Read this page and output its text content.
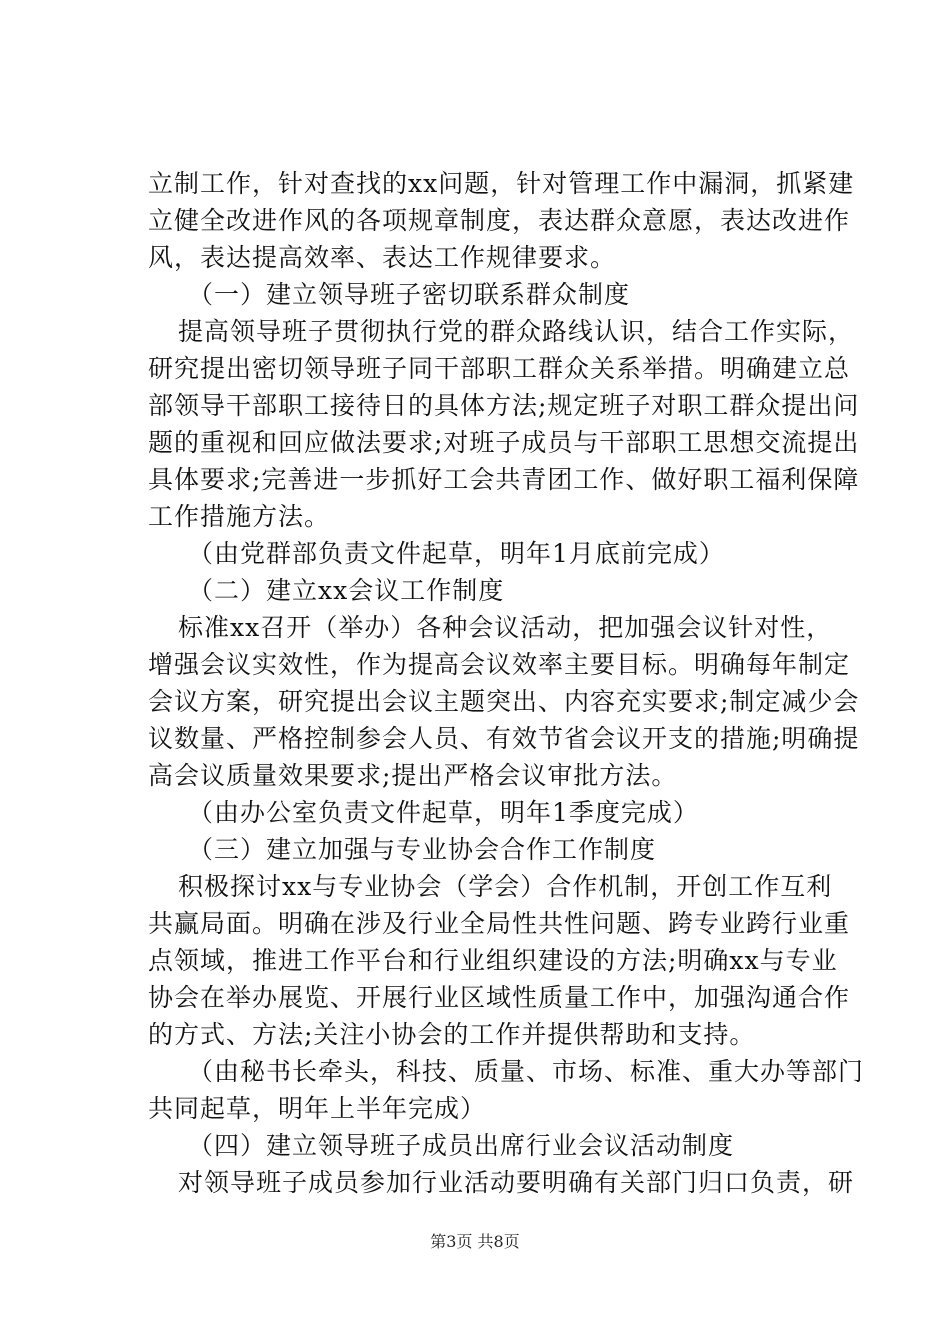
立制工作，针对查找的xx问题，针对管理工作中漏洞，抓紧建
立健全改进作风的各项规章制度，表达群众意愿，表达改进作
风，表达提高效率、表达工作规律要求。
（一）建立领导班子密切联系群众制度
提高领导班子贯彻执行党的群众路线认识，结合工作实际，
研究提出密切领导班子同干部职工群众关系举措。明确建立总
部领导干部职工接待日的具体方法;规定班子对职工群众提出问
题的重视和回应做法要求;对班子成员与干部职工思想交流提出
具体要求;完善进一步抓好工会共青团工作、做好职工福利保障
工作措施方法。
（由党群部负责文件起草，明年1月底前完成）
（二）建立xx会议工作制度
标准xx召开（举办）各种会议活动，把加强会议针对性，
增强会议实效性，作为提高会议效率主要目标。明确每年制定
会议方案，研究提出会议主题突出、内容充实要求;制定减少会
议数量、严格控制参会人员、有效节省会议开支的措施;明确提
高会议质量效果要求;提出严格会议审批方法。
（由办公室负责文件起草，明年1季度完成）
（三）建立加强与专业协会合作工作制度
积极探讨xx与专业协会（学会）合作机制，开创工作互利
共赢局面。明确在涉及行业全局性共性问题、跨专业跨行业重
点领域，推进工作平台和行业组织建设的方法;明确xx与专业
协会在举办展览、开展行业区域性质量工作中，加强沟通合作
的方式、方法;关注小协会的工作并提供帮助和支持。
（由秘书长牵头，科技、质量、市场、标准、重大办等部门
共同起草，明年上半年完成）
（四）建立领导班子成员出席行业会议活动制度
对领导班子成员参加行业活动要明确有关部门归口负责，研
第3页 共8页
